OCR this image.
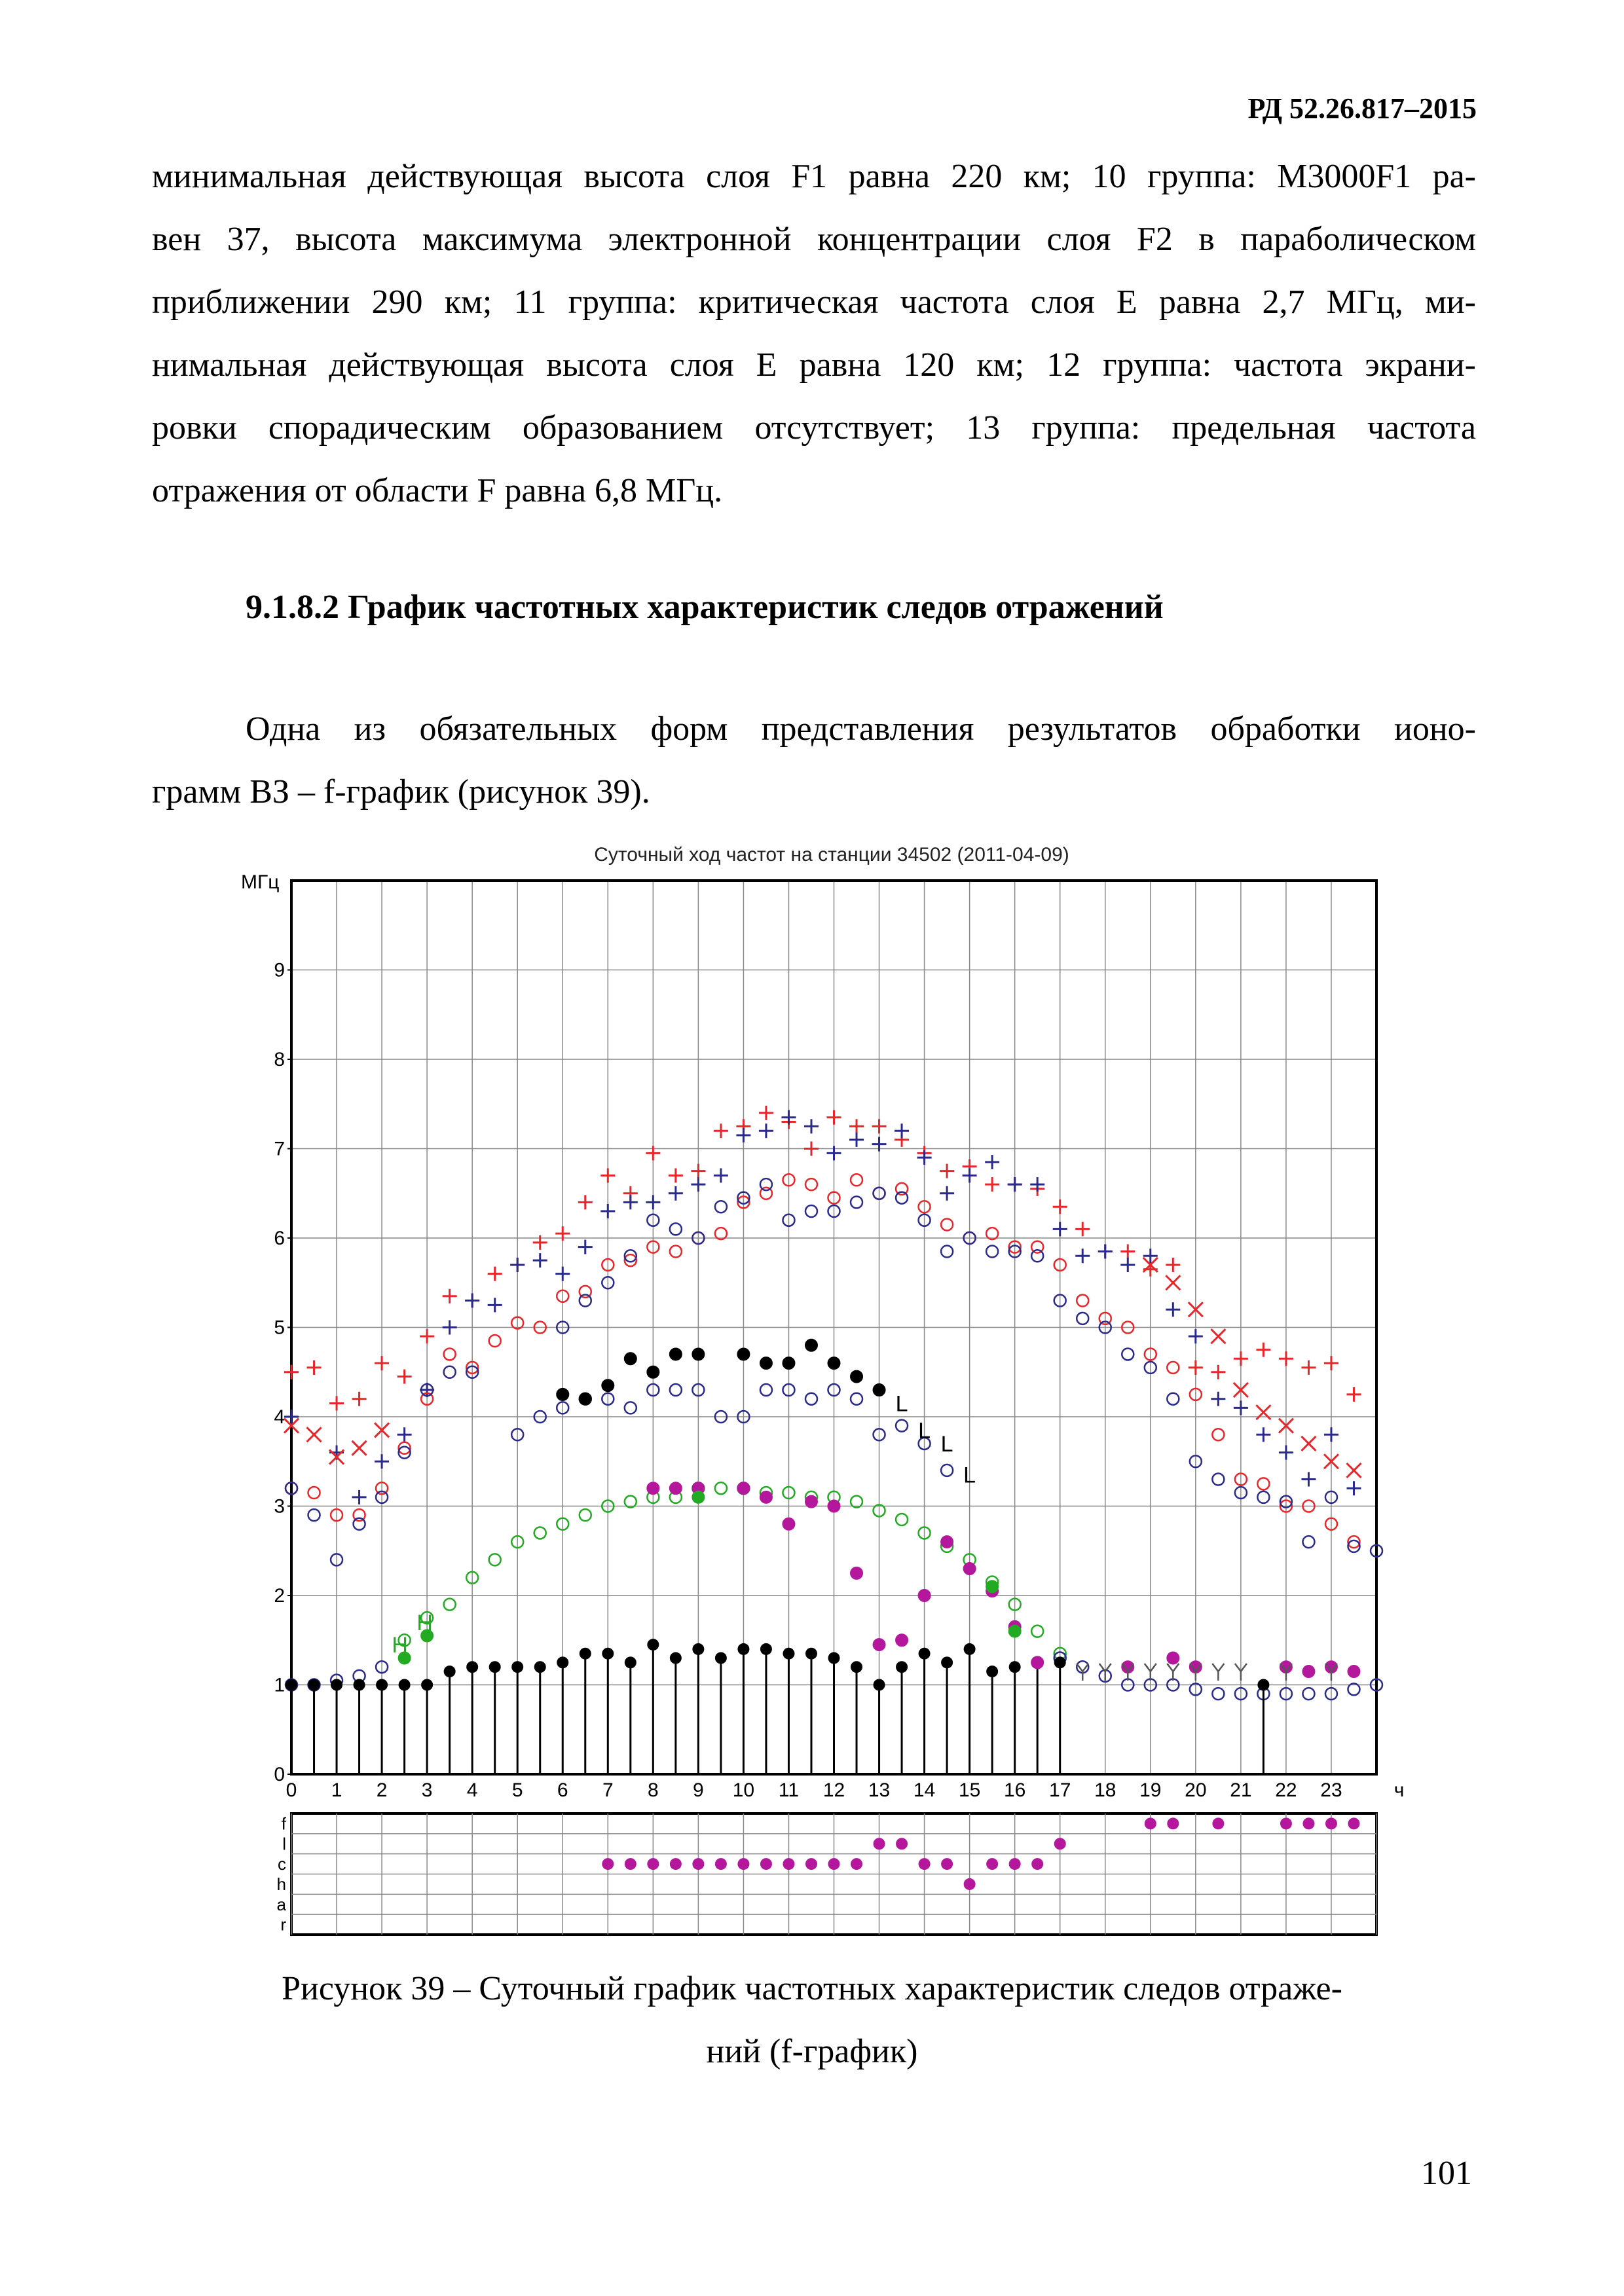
РД 52.26.817–2015
минимальная действующая высота слоя F1 равна 220 км; 10 группа: M3000F1 ра-
вен 37, высота максимума электронной концентрации слоя F2 в параболическом
приближении 290 км; 11 группа: критическая частота слоя E равна 2,7 МГц, ми-
нимальная действующая высота слоя E равна 120 км; 12 группа: частота экрани-
ровки спорадическим образованием отсутствует; 13 группа: предельная частота
отражения от области F равна 6,8 МГц.
9.1.8.2 График частотных характеристик следов отражений
Одна из обязательных форм представления результатов обработки ионо-
грамм ВЗ – f-график (рисунок 39).
Суточный ход частот на станции 34502 (2011-04-09)
МГц
0
1
2
3
4
5
6
7
8
9
0 1 2 3 4 5 6 7 8 9 10 11 12 13 14 15 16 17 18 19 20 21 22 23	ч
H
H
L
L
L
L
f
l
c
h
a
r
Рисунок 39 – Суточный график частотных характеристик следов отраже-
ний (f-график)
101
